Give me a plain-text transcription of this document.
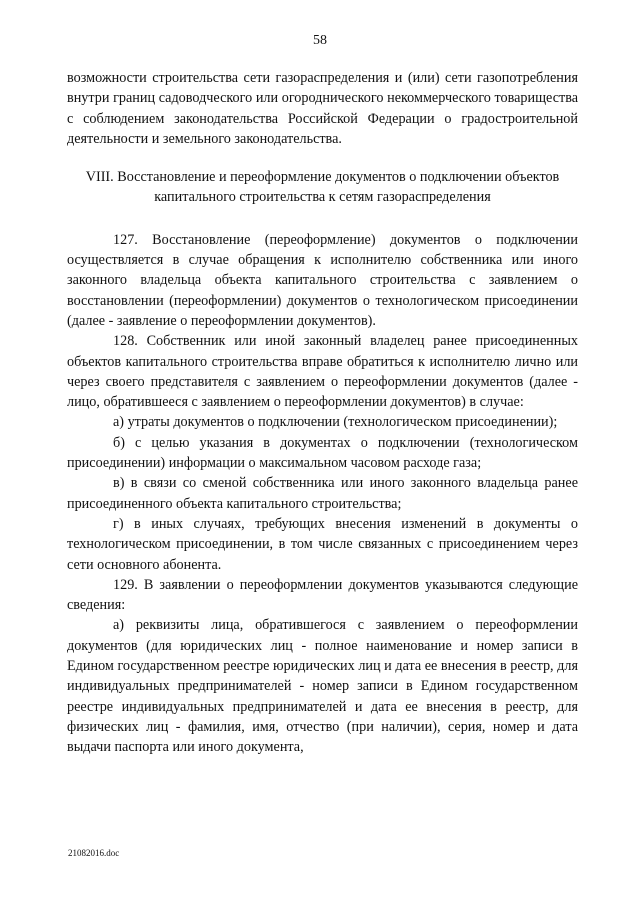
58

возможности строительства сети газораспределения и (или) сети газопотребления внутри границ садоводческого или огороднического некоммерческого товарищества с соблюдением законодательства Российской Федерации о градостроительной деятельности и земельного законодательства.

VIII. Восстановление и переоформление документов о подключении объектов капитального строительства к сетям газораспределения

127. Восстановление (переоформление) документов о подключении осуществляется в случае обращения к исполнителю собственника или иного законного владельца объекта капитального строительства с заявлением о восстановлении (переоформлении) документов о технологическом присоединении (далее - заявление о переоформлении документов).

128. Собственник или иной законный владелец ранее присоединенных объектов капитального строительства вправе обратиться к исполнителю лично или через своего представителя с заявлением о переоформлении документов (далее - лицо, обратившееся с заявлением о переоформлении документов) в случае:

а) утраты документов о подключении (технологическом присоединении);

б) с целью указания в документах о подключении (технологическом присоединении) информации о максимальном часовом расходе газа;

в) в связи со сменой собственника или иного законного владельца ранее присоединенного объекта капитального строительства;

г) в иных случаях, требующих внесения изменений в документы о технологическом присоединении, в том числе связанных с присоединением через сети основного абонента.

129. В заявлении о переоформлении документов указываются следующие сведения:

а) реквизиты лица, обратившегося с заявлением о переоформлении документов (для юридических лиц - полное наименование и номер записи в Едином государственном реестре юридических лиц и дата ее внесения в реестр, для индивидуальных предпринимателей - номер записи в Едином государственном реестре индивидуальных предпринимателей и дата ее внесения в реестр, для физических лиц - фамилия, имя, отчество (при наличии), серия, номер и дата выдачи паспорта или иного документа,

21082016.doc
